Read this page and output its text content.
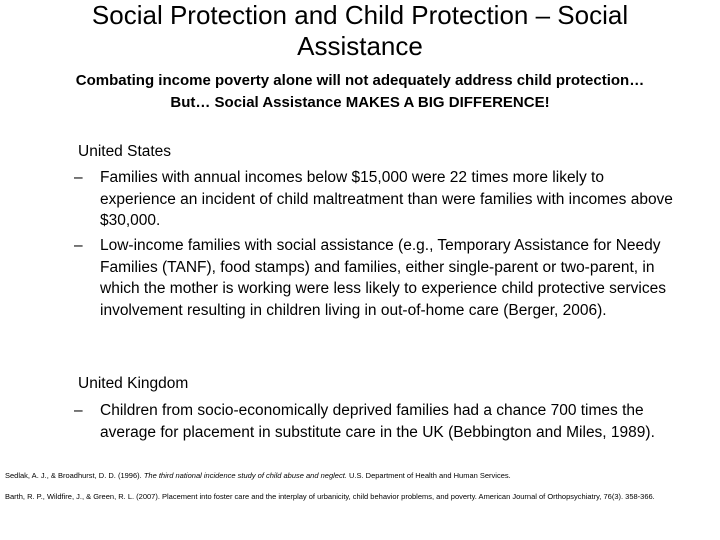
Social Protection and Child Protection – Social Assistance
Combating income poverty alone will not adequately address child protection… But… Social Assistance MAKES A BIG DIFFERENCE!
United States
– Families with annual incomes below $15,000 were 22 times more likely to experience an incident of child maltreatment than were families with incomes above $30,000.
– Low-income families with social assistance (e.g., Temporary Assistance for Needy Families (TANF), food stamps) and families, either single-parent or two-parent, in which the mother is working were less likely to experience child protective services involvement resulting in children living in out-of-home care (Berger, 2006).
United Kingdom
– Children from socio-economically deprived families had a chance 700 times the average for placement in substitute care in the UK (Bebbington and Miles, 1989).
Sedlak, A. J., & Broadhurst, D. D. (1996). The third national incidence study of child abuse and neglect. U.S. Department of Health and Human Services.
Barth, R. P., Wildfire, J., & Green, R. L. (2007). Placement into foster care and the interplay of urbanicity, child behavior problems, and poverty. American Journal of Orthopsychiatry, 76(3). 358-366.
